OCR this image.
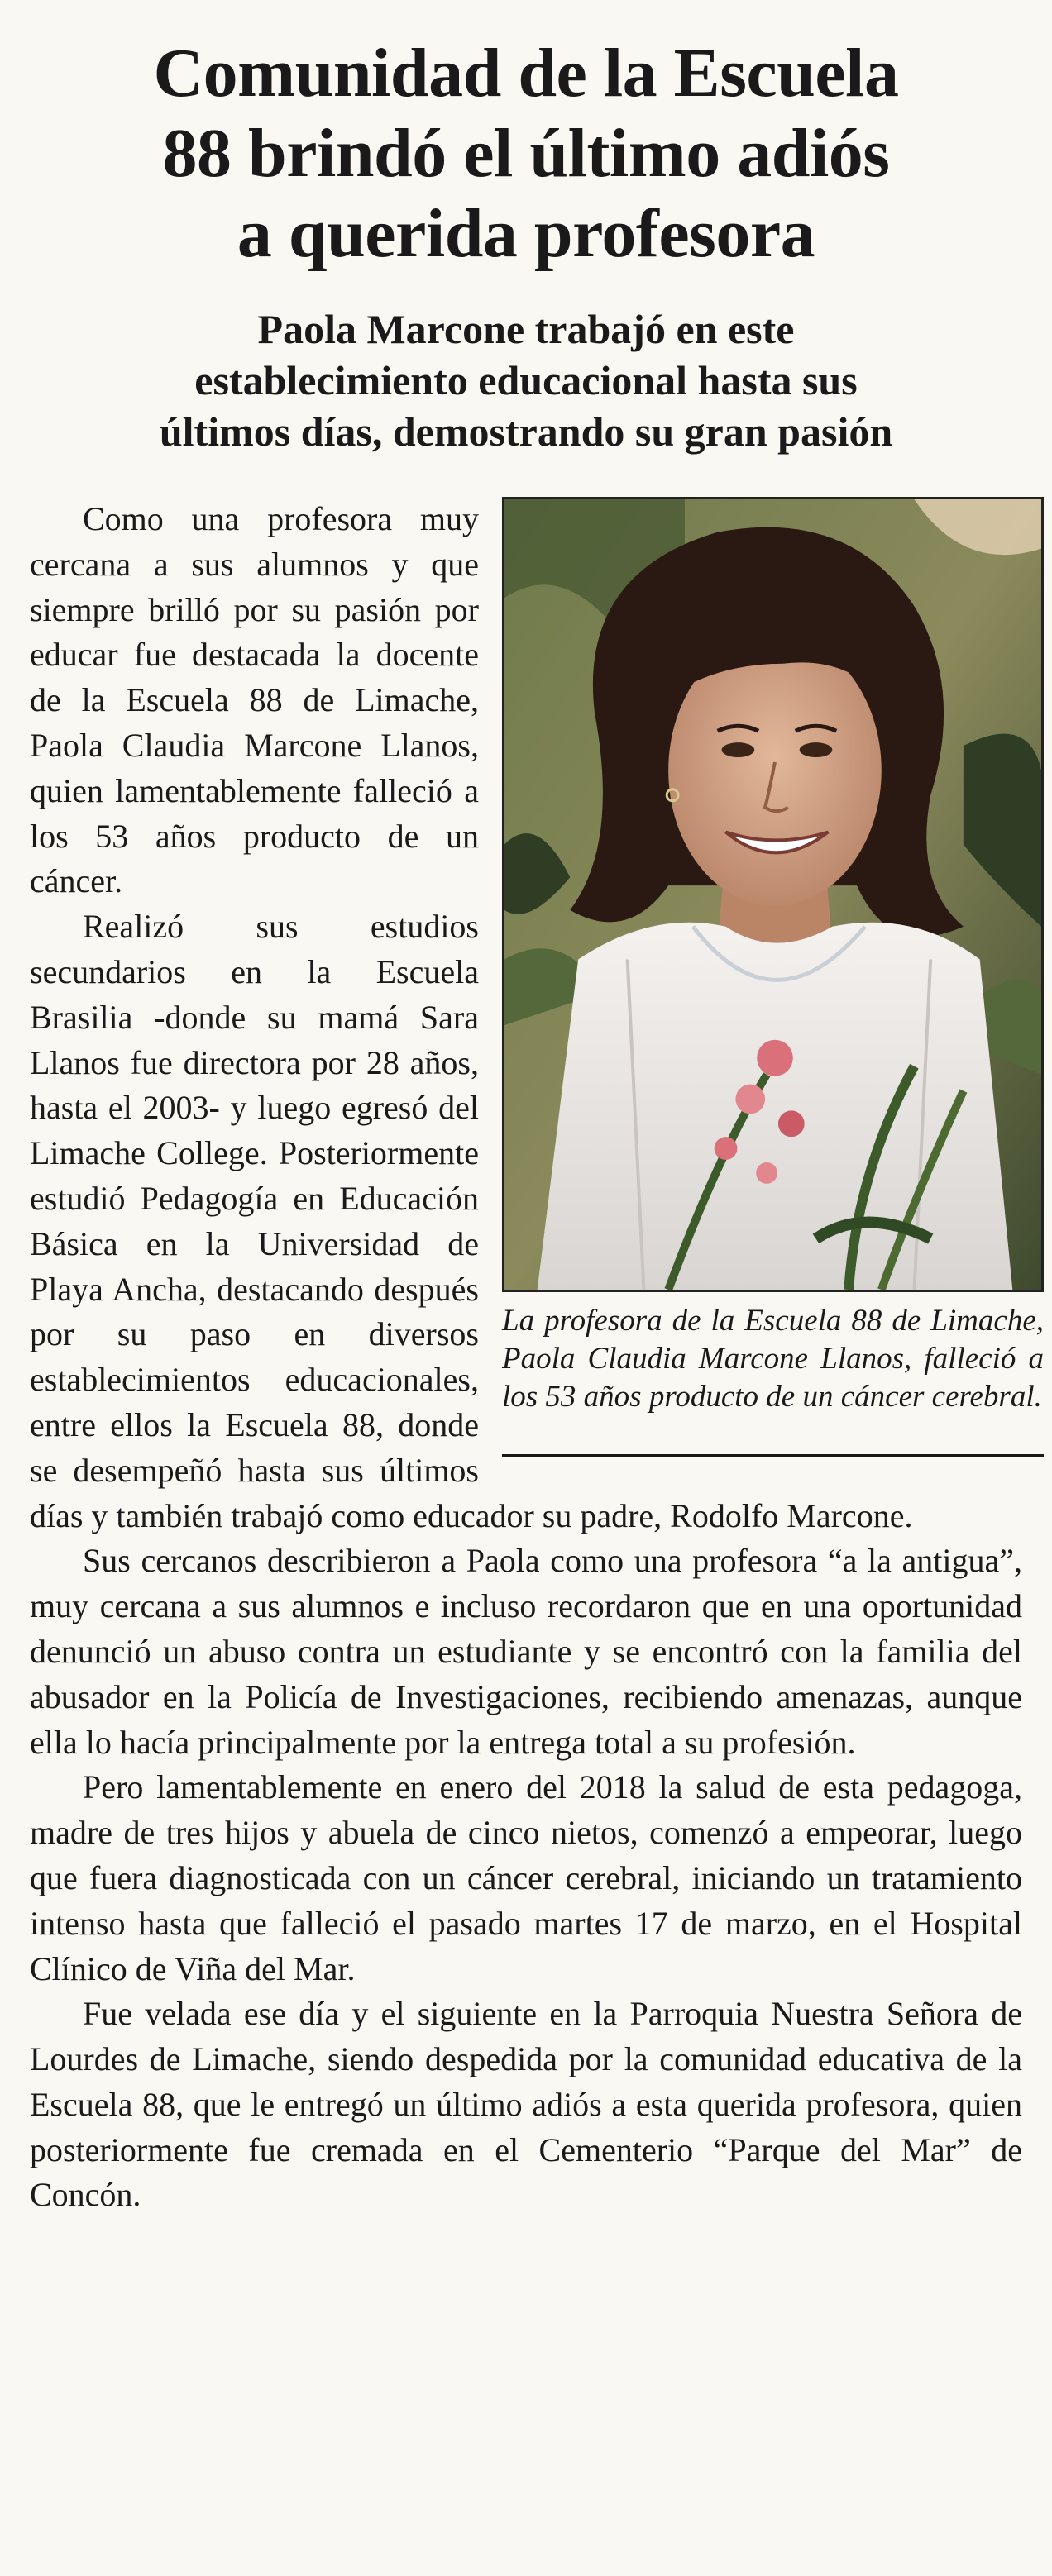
Comunidad de la Escuela
88 brindó el último adiós
a querida profesora
Paola Marcone trabajó en este
establecimiento educacional hasta sus
últimos días, demostrando su gran pasión
La profesora de la Escuela 88 de Limache, Paola Claudia Marcone Llanos, falleció a los 53 años producto de un cáncer cerebral.

Como una profesora muy cercana a sus alumnos y que siempre brilló por su pasión por educar fue destacada la docente de la Escuela 88 de Limache, Paola Claudia Marcone Llanos, quien lamentablemente falleció a los 53 años producto de un cáncer.

Realizó sus estudios secundarios en la Escuela Brasilia -donde su mamá Sara Llanos fue directora por 28 años, hasta el 2003- y luego egresó del Limache College. Posteriormente estudió Pedagogía en Educación Básica en la Universidad de Playa Ancha, destacando después por su paso en diversos establecimientos educacionales, entre ellos la Escuela 88, donde se desempeñó hasta sus últimos días y también trabajó como educador su padre, Rodolfo Marcone.

Sus cercanos describieron a Paola como una profesora “a la antigua”, muy cercana a sus alumnos e incluso recordaron que en una oportunidad denunció un abuso contra un estudiante y se encontró con la familia del abusador en la Policía de Investigaciones, recibiendo amenazas, aunque ella lo hacía principalmente por la entrega total a su profesión.

Pero lamentablemente en enero del 2018 la salud de esta pedagoga, madre de tres hijos y abuela de cinco nietos, comenzó a empeorar, luego que fuera diagnosticada con un cáncer cerebral, iniciando un tratamiento intenso hasta que falleció el pasado martes 17 de marzo, en el Hospital Clínico de Viña del Mar.

Fue velada ese día y el siguiente en la Parroquia Nuestra Señora de Lourdes de Limache, siendo despedida por la comunidad educativa de la Escuela 88, que le entregó un último adiós a esta querida profesora, quien posteriormente fue cremada en el Cementerio “Parque del Mar” de Concón.
